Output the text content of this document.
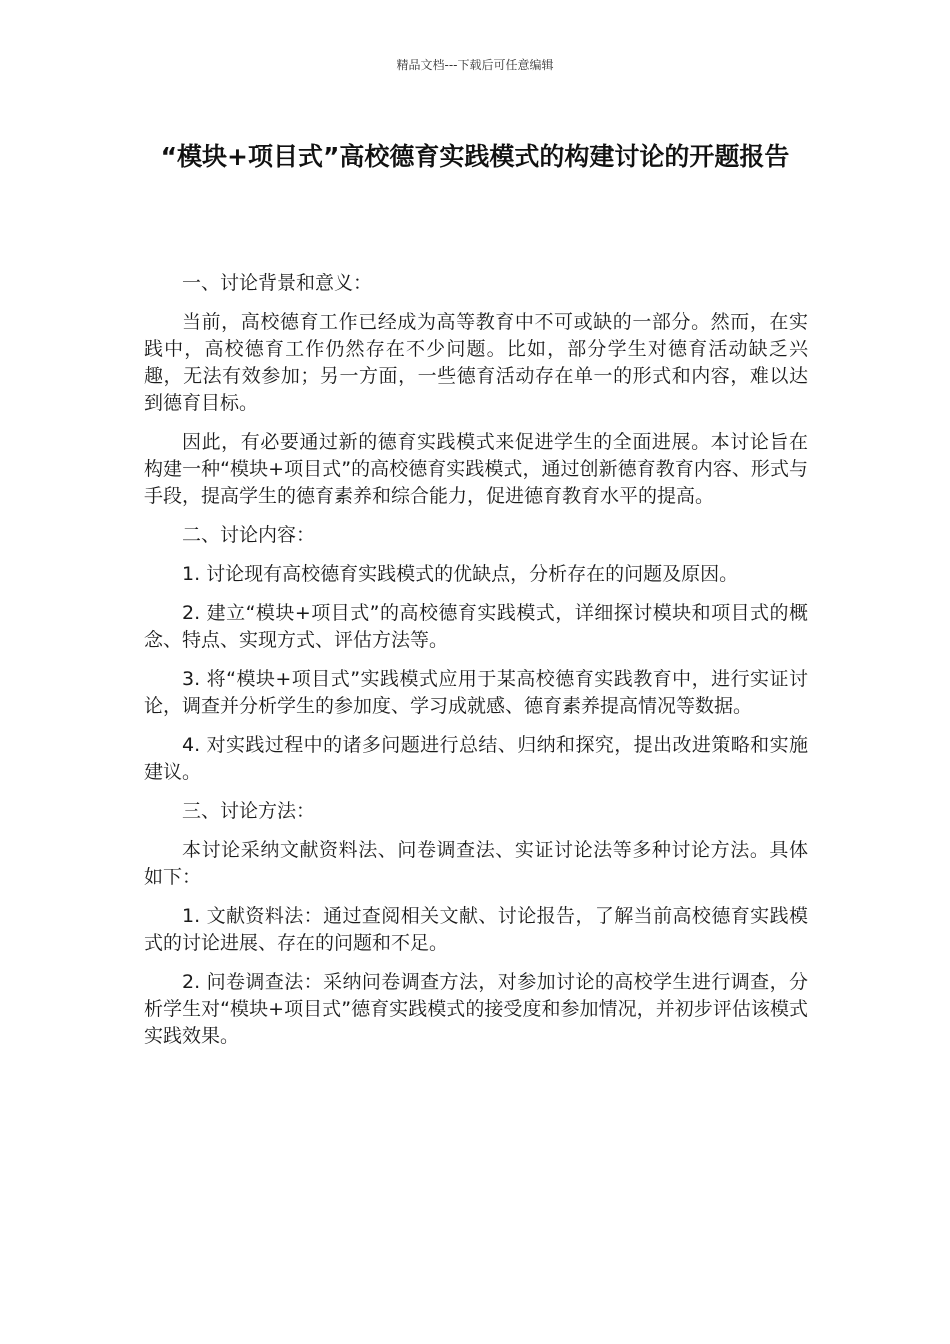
精品文档---下载后可任意编辑
“模块+项目式”高校德育实践模式的构建讨论的开题报告

一、讨论背景和意义：

当前，高校德育工作已经成为高等教育中不可或缺的一部分。然而，在实践中，高校德育工作仍然存在不少问题。比如，部分学生对德育活动缺乏兴趣，无法有效参加；另一方面，一些德育活动存在单一的形式和内容，难以达到德育目标。

因此，有必要通过新的德育实践模式来促进学生的全面进展。本讨论旨在构建一种“模块+项目式”的高校德育实践模式，通过创新德育教育内容、形式与手段，提高学生的德育素养和综合能力，促进德育教育水平的提高。

二、讨论内容：

1. 讨论现有高校德育实践模式的优缺点，分析存在的问题及原因。

2. 建立“模块+项目式”的高校德育实践模式，详细探讨模块和项目式的概念、特点、实现方式、评估方法等。

3. 将“模块+项目式”实践模式应用于某高校德育实践教育中，进行实证讨论，调查并分析学生的参加度、学习成就感、德育素养提高情况等数据。

4. 对实践过程中的诸多问题进行总结、归纳和探究，提出改进策略和实施建议。

三、讨论方法：

本讨论采纳文献资料法、问卷调查法、实证讨论法等多种讨论方法。具体如下：

1. 文献资料法：通过查阅相关文献、讨论报告，了解当前高校德育实践模式的讨论进展、存在的问题和不足。

2. 问卷调查法：采纳问卷调查方法，对参加讨论的高校学生进行调查，分析学生对“模块+项目式”德育实践模式的接受度和参加情况，并初步评估该模式实践效果。
